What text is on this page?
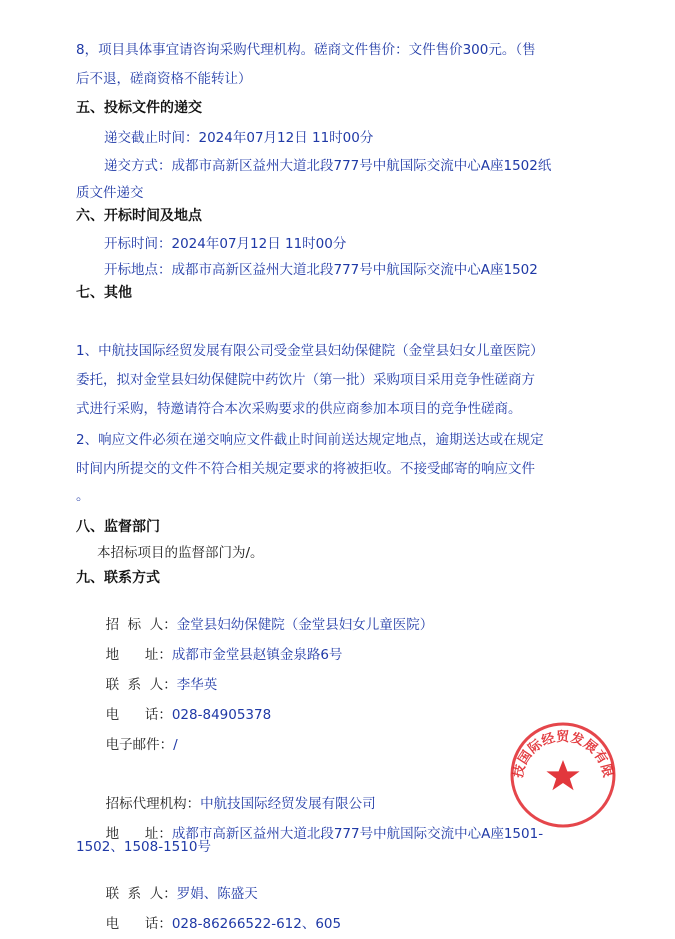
8，项目具体事宜请咨询采购代理机构。磋商文件售价：文件售价300元。（售
后不退，磋商资格不能转让）
五、投标文件的递交
递交截止时间：2024年07月12日 11时00分
递交方式：成都市高新区益州大道北段777号中航国际交流中心A座1502纸
质文件递交
六、开标时间及地点
开标时间：2024年07月12日 11时00分
开标地点：成都市高新区益州大道北段777号中航国际交流中心A座1502
七、其他
1、中航技国际经贸发展有限公司受金堂县妇幼保健院（金堂县妇女儿童医院）
委托，拟对金堂县妇幼保健院中药饮片（第一批）采购项目采用竞争性磋商方
式进行采购，特邀请符合本次采购要求的供应商参加本项目的竞争性磋商。
2、响应文件必须在递交响应文件截止时间前送达规定地点，逾期送达或在规定
时间内所提交的文件不符合相关规定要求的将被拒收。不接受邮寄的响应文件
。
八、监督部门
本招标项目的监督部门为/。
九、联系方式

招  标  人：金堂县妇幼保健院（金堂县妇女儿童医院）

地      址：成都市金堂县赵镇金泉路6号

联  系  人：李华英

电      话：028-84905378

电子邮件：/

招标代理机构：中航技国际经贸发展有限公司

地      址：成都市高新区益州大道北段777号中航国际交流中心A座1501-

1502、1508-1510号

联  系  人：罗娟、陈盛天

电      话：028-86266522-612、605

技国际经贸发展有限
